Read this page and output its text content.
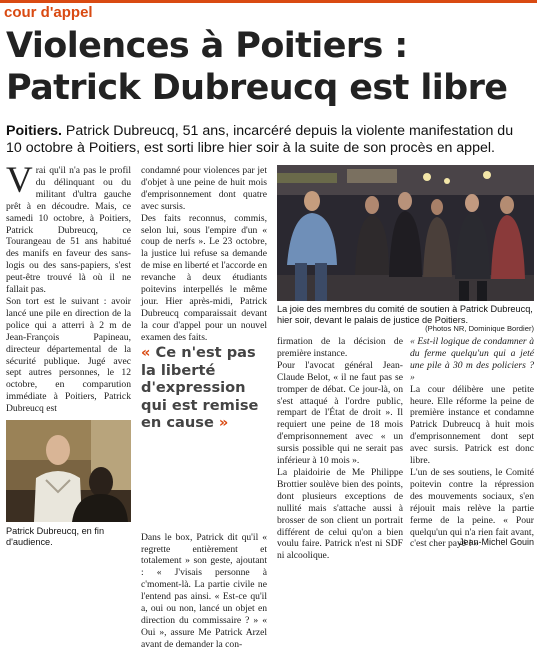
cour d'appel
Violences à Poitiers :
Patrick Dubreucq est libre
Poitiers. Patrick Dubreucq, 51 ans, incarcéré depuis la violente manifestation du 10 octobre à Poitiers, est sorti libre hier soir à la suite de son procès en appel.

Vrai qu'il n'a pas le profil du délinquant ou du militant d'ultra gauche prêt à en découdre. Mais, ce samedi 10 octobre, à Poitiers, Patrick Dubreucq, ce Tourangeau de 51 ans habitué des manifs en faveur des sans-logis ou des sans-papiers, s'est peut-être trouvé là où il ne fallait pas.

Son tort est le suivant : avoir lancé une pile en direction de la police qui a atterri à 2 m de Jean-François Papineau, directeur départemental de la sécurité publique. Jugé avec sept autres personnes, le 12 octobre, en comparution immédiate à Poitiers, Patrick Dubreucq est

Patrick Dubreucq, en fin d'audience.

condamné pour violences par jet d'objet à une peine de huit mois d'emprisonnement dont quatre avec sursis.

Des faits reconnus, commis, selon lui, sous l'empire d'un « coup de nerfs ». Le 23 octobre, la justice lui refuse sa demande de mise en liberté et l'accorde en revanche à deux étudiants poitevins interpellés le même jour. Hier après-midi, Patrick Dubreucq comparaissait devant la cour d'appel pour un nouvel examen des faits.

Dans le box, Patrick dit qu'il « regrette entièrement et totalement » son geste, ajoutant : « J'visais personne à c'moment-là. La partie civile ne l'entend pas ainsi. « Est-ce qu'il a, oui ou non, lancé un objet en direction du commissaire ? » « Oui », assure Me Patrick Arzel avant de demander la con-

« Ce n'est pas la liberté d'expression qui est remise en cause »
La joie des membres du comité de soutien à Patrick Dubreucq, hier soir, devant le palais de justice de Poitiers.
(Photos NR, Dominique Bordier)

firmation de la décision de première instance.

Pour l'avocat général Jean-Claude Belot, « il ne faut pas se tromper de débat. Ce jour-là, on s'est attaqué à l'ordre public, rempart de l'État de droit ». Il requiert une peine de 18 mois d'emprisonnement avec « un sursis possible qui ne serait pas inférieur à 10 mois ».

La plaidoirie de Me Philippe Brottier soulève bien des points, dont plusieurs exceptions de nullité mais s'attache aussi à brosser de son client un portrait différent de celui qu'on a bien voulu faire. Patrick n'est ni SDF ni alcoolique.

« Est-il logique de condamner à du ferme quelqu'un qui a jeté une pile à 30 m des policiers ? »

La cour délibère une petite heure. Elle réforme la peine de première instance et condamne Patrick Dubreucq à huit mois d'emprisonnement dont sept avec sursis. Patrick est donc libre.

L'un de ses soutiens, le Comité poitevin contre la répression des mouvements sociaux, s'en réjouit mais relève la partie ferme de la peine. « Pour quelqu'un qui n'a rien fait avant, c'est cher payé ! »

Jean-Michel Gouin
